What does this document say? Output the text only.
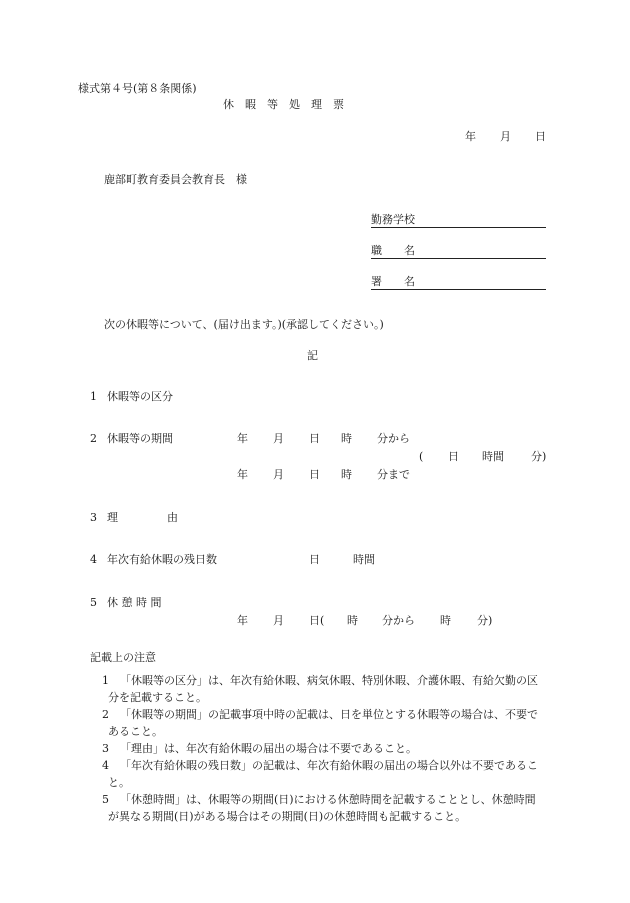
様式第４号(第８条関係)
休　暇　等　処　理　票
年 月 日
鹿部町教育委員会教育長　様
勤務学校
職　　名
署　　名
次の休暇等について、(届け出ます。)(承認してください。)
記
1 休暇等の区分
2 休暇等の期間	年 月 日 時 分から
( 日 時間 分)
年 月 日 時 分まで
3 理	由
4 年次有給休暇の残日数	日	時間
5 休 憩 時 間
年 月 日( 時 分から 時 分)
記載上の注意
1	「休暇等の区分」は、年次有給休暇、病気休暇、特別休暇、介護休暇、有給欠勤の区分を記載すること。
2	「休暇等の期間」の記載事項中時の記載は、日を単位とする休暇等の場合は、不要であること。
3	「理由」は、年次有給休暇の届出の場合は不要であること。
4	「年次有給休暇の残日数」の記載は、年次有給休暇の届出の場合以外は不要であること。
5	「休憩時間」は、休暇等の期間(日)における休憩時間を記載することとし、休憩時間が異なる期間(日)がある場合はその期間(日)の休憩時間も記載すること。
